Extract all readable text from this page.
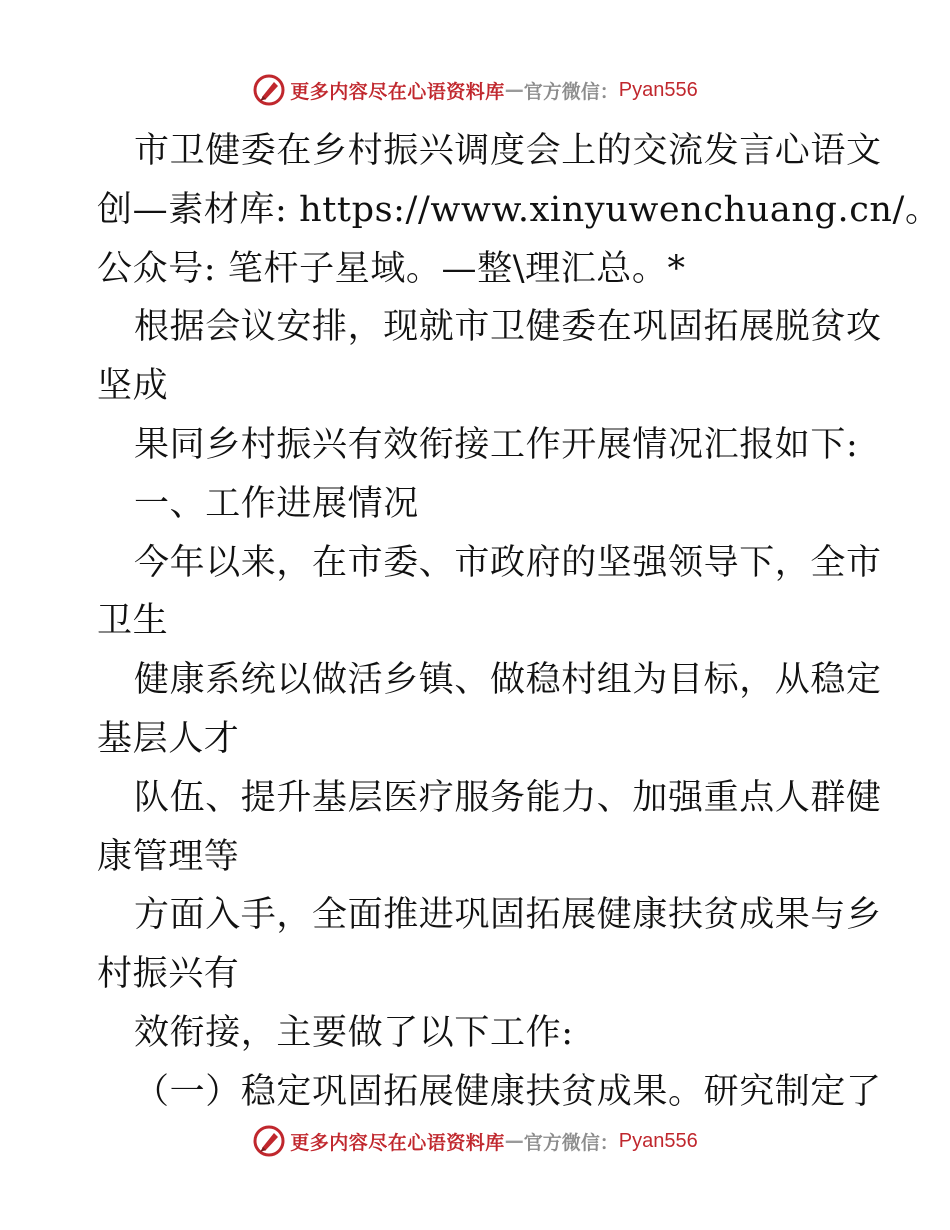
更多内容尽在心语资料库 — 官方微信： Pyan556
市卫健委在乡村振兴调度会上的交流发言心语文
创—素材库: https://www.xinyuwenchuang.cn/。
公众号: 笔杆子星域。—整\理汇总。*
根据会议安排，现就市卫健委在巩固拓展脱贫攻
坚成
果同乡村振兴有效衔接工作开展情况汇报如下:
一、工作进展情况
今年以来，在市委、市政府的坚强领导下，全市
卫生
健康系统以做活乡镇、做稳村组为目标，从稳定
基层人才
队伍、提升基层医疗服务能力、加强重点人群健
康管理等
方面入手，全面推进巩固拓展健康扶贫成果与乡
村振兴有
效衔接，主要做了以下工作:
（一）稳定巩固拓展健康扶贫成果。研究制定了
更多内容尽在心语资料库 — 官方微信： Pyan556
